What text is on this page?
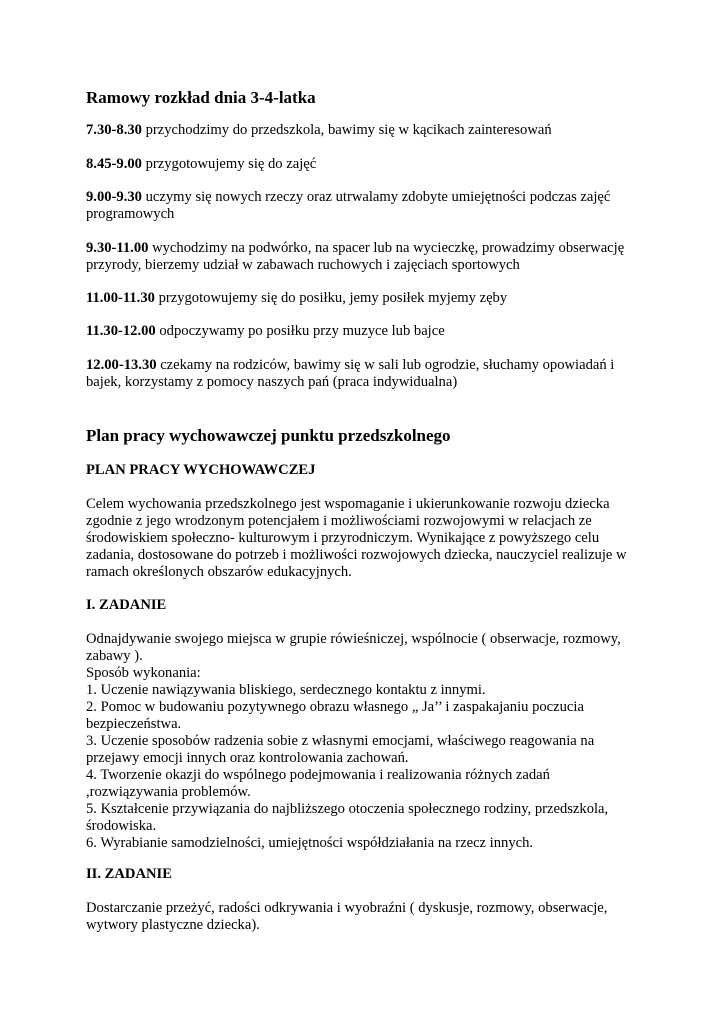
Ramowy rozkład dnia 3-4-latka

7.30-8.30 przychodzimy do przedszkola, bawimy się w kącikach zainteresowań

8.45-9.00 przygotowujemy się do zajęć

9.00-9.30 uczymy się nowych rzeczy oraz utrwalamy zdobyte umiejętności podczas zajęć programowych

9.30-11.00 wychodzimy na podwórko, na spacer lub na wycieczkę, prowadzimy obserwację przyrody, bierzemy udział w zabawach ruchowych i zajęciach sportowych

11.00-11.30 przygotowujemy się do posiłku, jemy posiłek myjemy zęby

11.30-12.00 odpoczywamy po posiłku przy muzyce lub bajce

12.00-13.30 czekamy na rodziców, bawimy się w sali lub ogrodzie, słuchamy opowiadań i bajek, korzystamy z pomocy naszych pań (praca indywidualna)

Plan pracy wychowawczej punktu przedszkolnego

PLAN PRACY WYCHOWAWCZEJ

Celem wychowania przedszkolnego jest wspomaganie i ukierunkowanie rozwoju dziecka zgodnie z jego wrodzonym potencjałem i możliwościami rozwojowymi w relacjach ze środowiskiem społeczno- kulturowym i przyrodniczym. Wynikające z powyższego celu zadania, dostosowane do potrzeb i możliwości rozwojowych dziecka, nauczyciel realizuje w ramach określonych obszarów edukacyjnych.

I. ZADANIE

Odnajdywanie swojego miejsca w grupie rówieśniczej, wspólnocie ( obserwacje, rozmowy,
zabawy ).
Sposób wykonania:
1. Uczenie nawiązywania bliskiego, serdecznego kontaktu z innymi.
2. Pomoc w budowaniu pozytywnego obrazu własnego „ Ja’’ i zaspakajaniu poczucia
bezpieczeństwa.
3. Uczenie sposobów radzenia sobie z własnymi emocjami, właściwego reagowania na
przejawy emocji innych oraz kontrolowania zachowań.
4. Tworzenie okazji do wspólnego podejmowania i realizowania różnych zadań
,rozwiązywania problemów.
5. Kształcenie przywiązania do najbliższego otoczenia społecznego rodziny, przedszkola,
środowiska.
6. Wyrabianie samodzielności, umiejętności współdziałania na rzecz innych.

II. ZADANIE

Dostarczanie przeżyć, radości odkrywania i wyobraźni ( dyskusje, rozmowy, obserwacje,
wytwory plastyczne dziecka).
